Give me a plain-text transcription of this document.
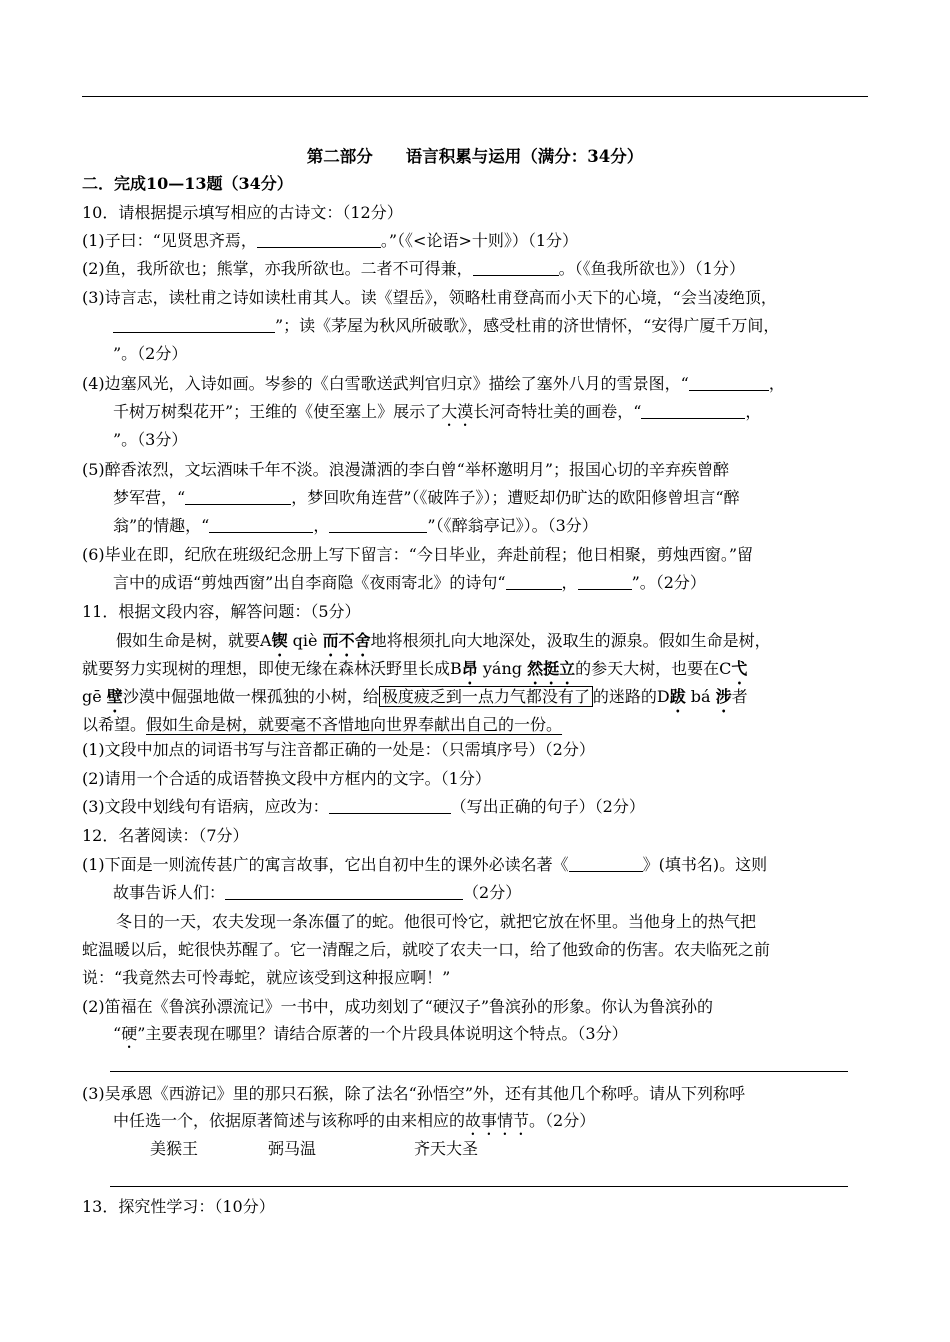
第二部分　　语言积累与运用（满分：34分）
二．完成10—13题（34分）
10．请根据提示填写相应的古诗文：（12分）
(1)子曰：“见贤思齐焉，	。”（《<论语>十则》）（1分）
(2)鱼，我所欲也；熊掌，亦我所欲也。二者不可得兼，	。（《鱼我所欲也》）（1分）
(3)诗言志，读杜甫之诗如读杜甫其人。读《望岳》，领略杜甫登高而小天下的心境，“会当凌绝顶，
”；读《茅屋为秋风所破歌》，感受杜甫的济世情怀，“安得广厦千万间，
”。（2分）
(4)边塞风光，入诗如画。岑参的《白雪歌送武判官归京》描绘了塞外八月的雪景图，“	，
千树万树梨花开”；王维的《使至塞上》展示了大漠长河奇特壮美的画卷，“	，
”。（3分）
(5)醉香浓烈，文坛酒味千年不淡。浪漫潇洒的李白曾“举杯邀明月”；报国心切的辛弃疾曾醉
梦军营，“	，梦回吹角连营”（《破阵子》）；遭贬却仍旷达的欧阳修曾坦言“醉
翁”的情趣，“	，	”（《醉翁亭记》）。（3分）
(6)毕业在即，纪欣在班级纪念册上写下留言：“今日毕业，奔赴前程；他日相聚，剪烛西窗。”留
言中的成语“剪烛西窗”出自李商隐《夜雨寄北》的诗句“	，	”。（2分）
11．根据文段内容，解答问题：（5分）
假如生命是树，就要A锲 qiè 而不舍地将根须扎向大地深处，汲取生的源泉。假如生命是树，
就要努力实现树的理想，即使无缘在森林沃野里长成B昂 yáng 然挺立的参天大树，也要在C弋
gē 壁沙漠中倔强地做一棵孤独的小树，给 极度疲乏到一点力气都没有了 的迷路的D跋 bá 涉者
以希望。假如生命是树，就要毫不吝惜地向世界奉献出自己的一份。
(1)文段中加点的词语书写与注音都正确的一处是：（只需填序号）（2分）
(2)请用一个合适的成语替换文段中方框内的文字。（1分）
(3)文段中划线句有语病，应改为：	（写出正确的句子）（2分）
12．名著阅读：（7分）
(1)下面是一则流传甚广的寓言故事，它出自初中生的课外必读名著《	》(填书名)。这则
故事告诉人们：	（2分）
冬日的一天，农夫发现一条冻僵了的蛇。他很可怜它，就把它放在怀里。当他身上的热气把
蛇温暖以后，蛇很快苏醒了。它一清醒之后，就咬了农夫一口，给了他致命的伤害。农夫临死之前
说：“我竟然去可怜毒蛇，就应该受到这种报应啊！”
(2)笛福在《鲁滨孙漂流记》一书中，成功刻划了“硬汉子”鲁滨孙的形象。你认为鲁滨孙的
“硬”主要表现在哪里？请结合原著的一个片段具体说明这个特点。（3分）
(3)吴承恩《西游记》里的那只石猴，除了法名“孙悟空”外，还有其他几个称呼。请从下列称呼
中任选一个，依据原著简述与该称呼的由来相应的故事情节。（2分）
美猴王	弼马温	齐天大圣
13．探究性学习：（10分）
